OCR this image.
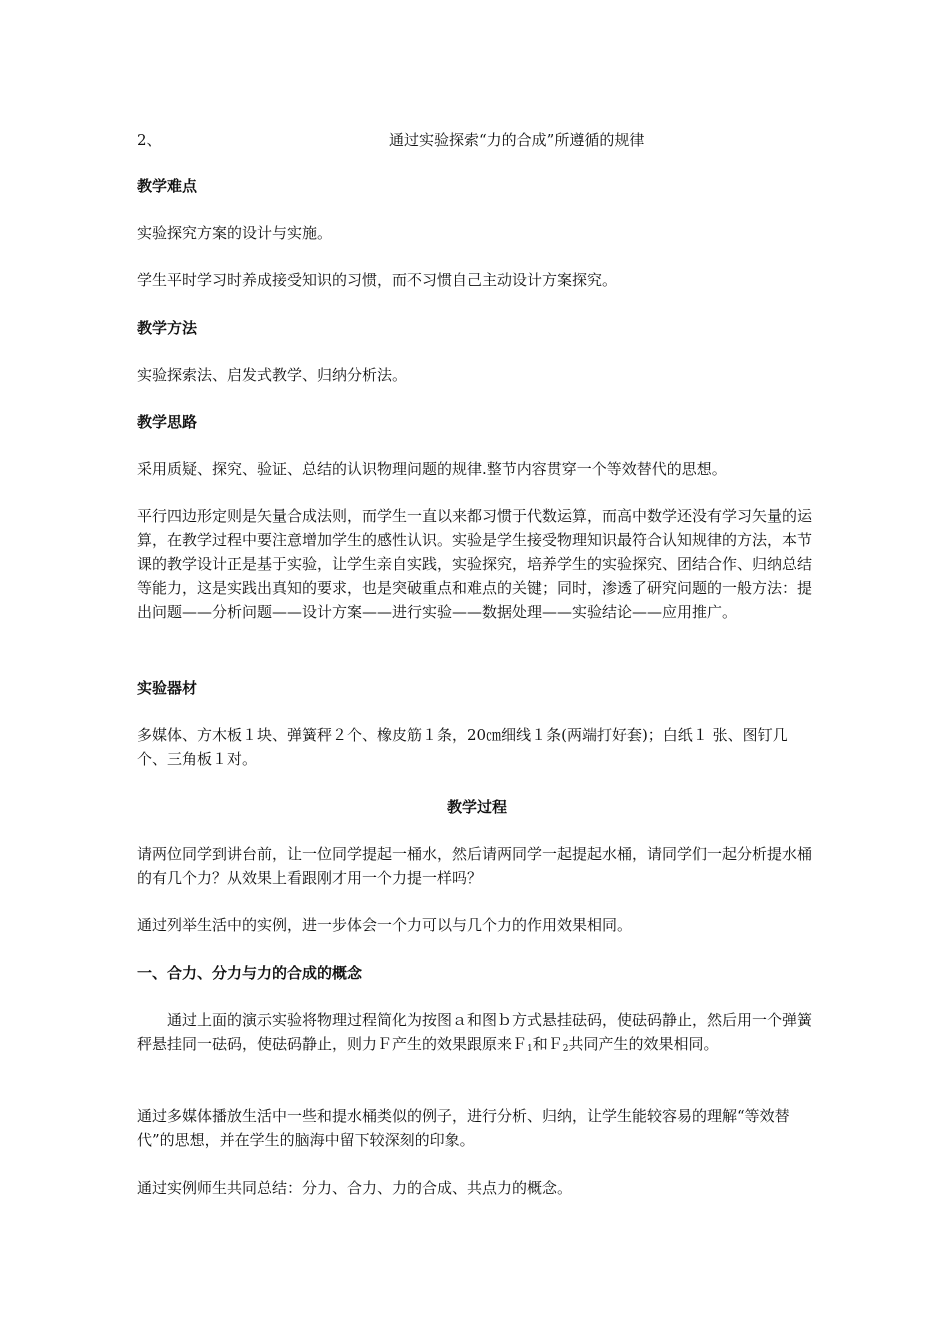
2、	通过实验探索“力的合成”所遵循的规律
教学难点
实验探究方案的设计与实施。
学生平时学习时养成接受知识的习惯，而不习惯自己主动设计方案探究。
教学方法
实验探索法、启发式教学、归纳分析法。
教学思路
采用质疑、探究、验证、总结的认识物理问题的规律.整节内容贯穿一个等效替代的思想。
平行四边形定则是矢量合成法则，而学生一直以来都习惯于代数运算，而高中数学还没有学习矢量的运算，在教学过程中要注意增加学生的感性认识。实验是学生接受物理知识最符合认知规律的方法，本节课的教学设计正是基于实验，让学生亲自实践，实验探究，培养学生的实验探究、团结合作、归纳总结等能力，这是实践出真知的要求，也是突破重点和难点的关键；同时，渗透了研究问题的一般方法：提出问题——分析问题——设计方案——进行实验——数据处理——实验结论——应用推广。
实验器材
多媒体、方木板１块、弹簧秤２个、橡皮筋１条，20㎝细线１条(两端打好套)；白纸１ 张、图钉几个、三角板１对。
教学过程
请两位同学到讲台前，让一位同学提起一桶水，然后请两同学一起提起水桶，请同学们一起分析提水桶的有几个力？从效果上看跟刚才用一个力提一样吗？
通过列举生活中的实例，进一步体会一个力可以与几个力的作用效果相同。
一、合力、分力与力的合成的概念
通过上面的演示实验将物理过程简化为按图ａ和图ｂ方式悬挂砝码，使砝码静止，然后用一个弹簧秤悬挂同一砝码，使砝码静止，则力Ｆ产生的效果跟原来Ｆ$_1$和Ｆ$_2$共同产生的效果相同。
通过多媒体播放生活中一些和提水桶类似的例子，进行分析、归纳，让学生能较容易的理解“等效替代”的思想，并在学生的脑海中留下较深刻的印象。
通过实例师生共同总结：分力、合力、力的合成、共点力的概念。
